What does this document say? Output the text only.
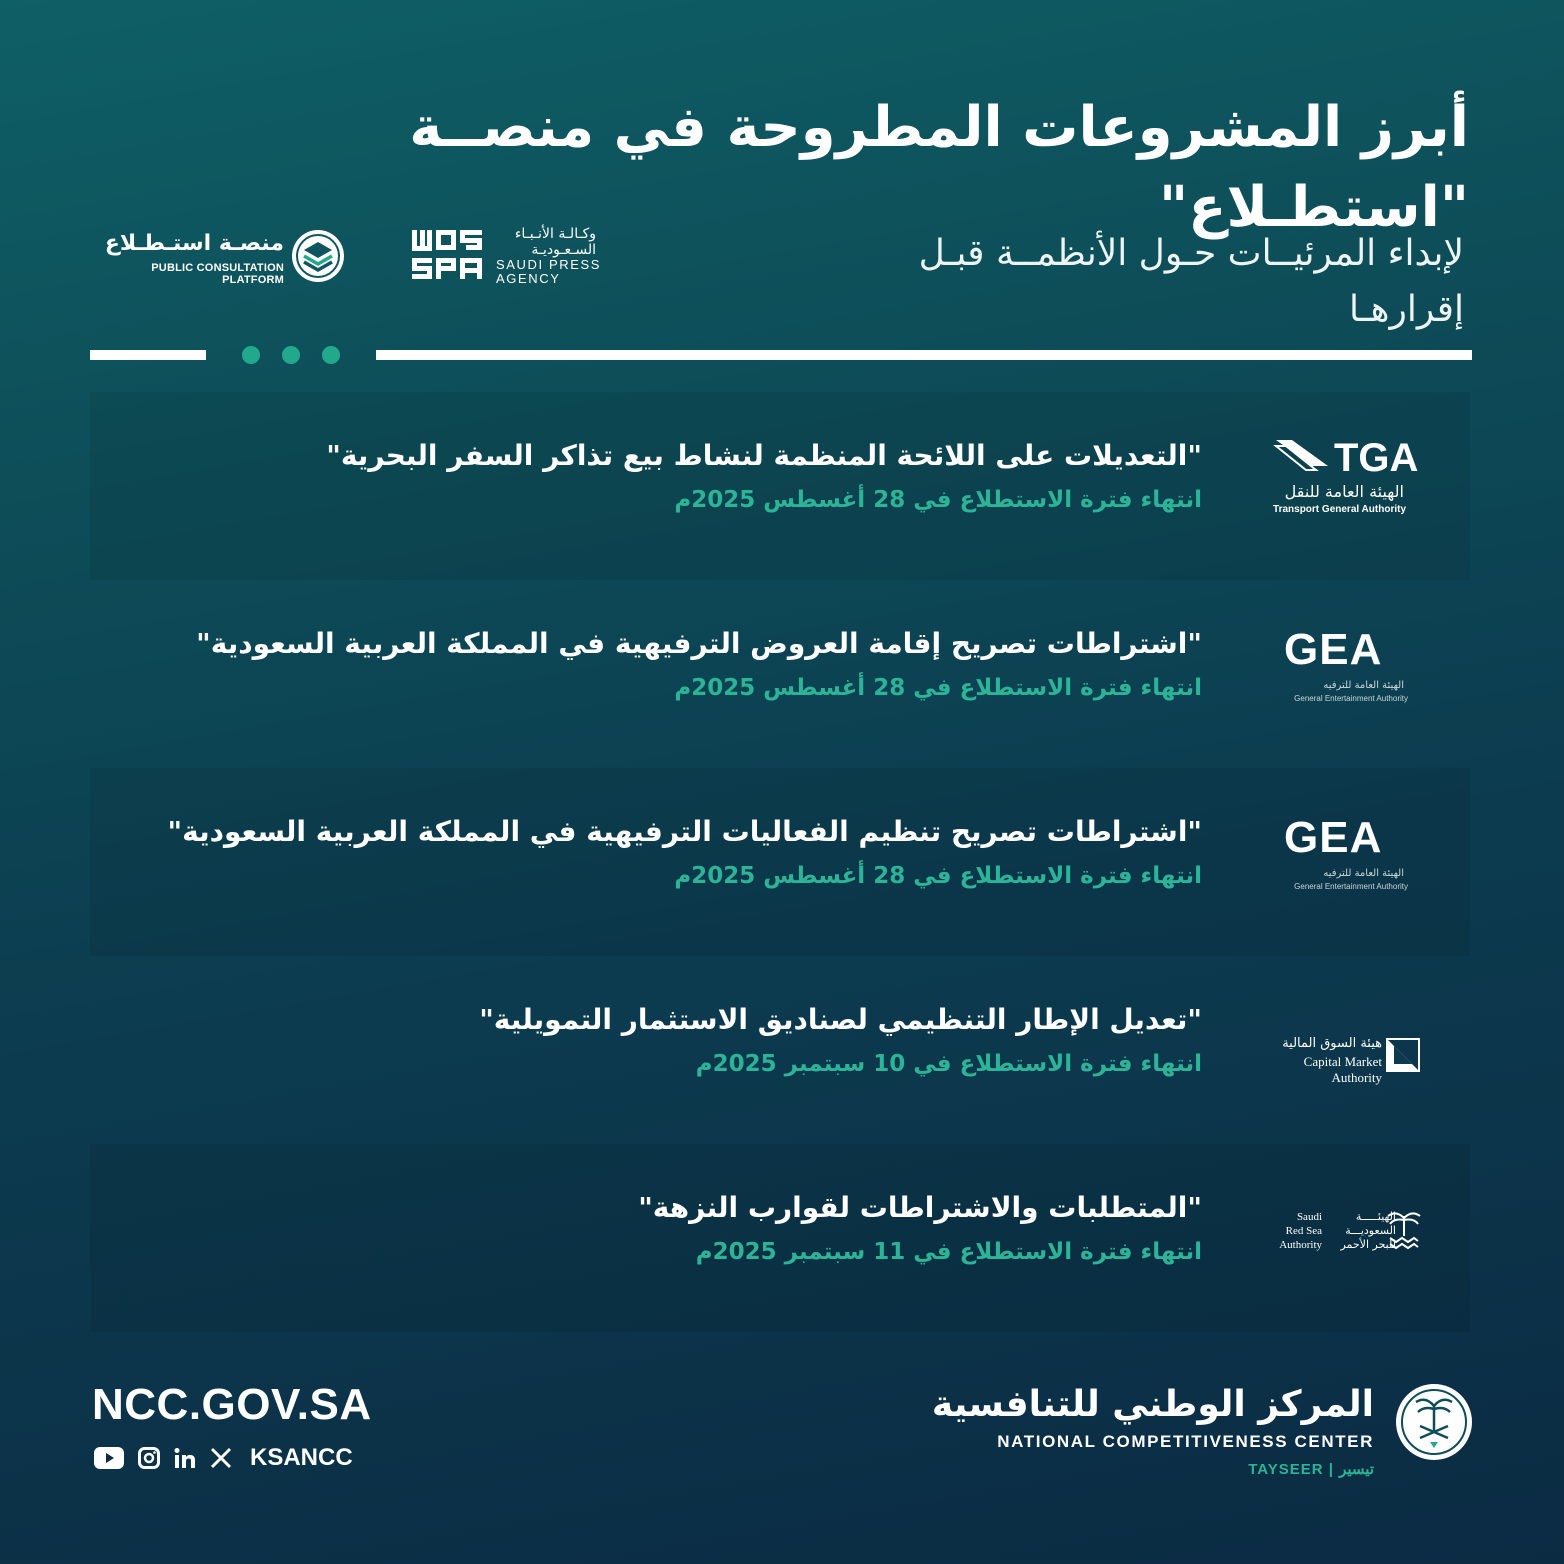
أبرز المشروعات المطروحة في منصــة "استطـلاع"
لإبداء المرئيــات حـول الأنظمــة قبـل إقرارهـا
وكـالـة الأنـبـاء السـعـوديـة
SAUDI PRESS AGENCY
منصـة استـطـلاع
PUBLIC CONSULTATION PLATFORM
"التعديلات على اللائحة المنظمة لنشاط بيع تذاكر السفر البحرية"
انتهاء فترة الاستطلاع في 28 أغسطس 2025م
TGA
الهيئة العامة للنقل
Transport General Authority
"اشتراطات تصريح إقامة العروض الترفيهية في المملكة العربية السعودية"
انتهاء فترة الاستطلاع في 28 أغسطس 2025م
GEA
الهيئة العامة للترفيه
General Entertainment Authority
"اشتراطات تصريح تنظيم الفعاليات الترفيهية في المملكة العربية السعودية"
انتهاء فترة الاستطلاع في 28 أغسطس 2025م
GEA
الهيئة العامة للترفيه
General Entertainment Authority
"تعديل الإطار التنظيمي لصناديق الاستثمار التمويلية"
انتهاء فترة الاستطلاع في 10 سبتمبر 2025م
هيئة السوق المالية
Capital Market Authority
"المتطلبات والاشتراطات لقوارب النزهة"
انتهاء فترة الاستطلاع في 11 سبتمبر 2025م
Saudi
Red Sea
Authority
الهيئـــــة
السعوديـــة
للبحر الأحمر
NCC.GOV.SA
KSANCC
المركز الوطني للتنافسية
NATIONAL COMPETITIVENESS CENTER
TAYSEER | تيسير
